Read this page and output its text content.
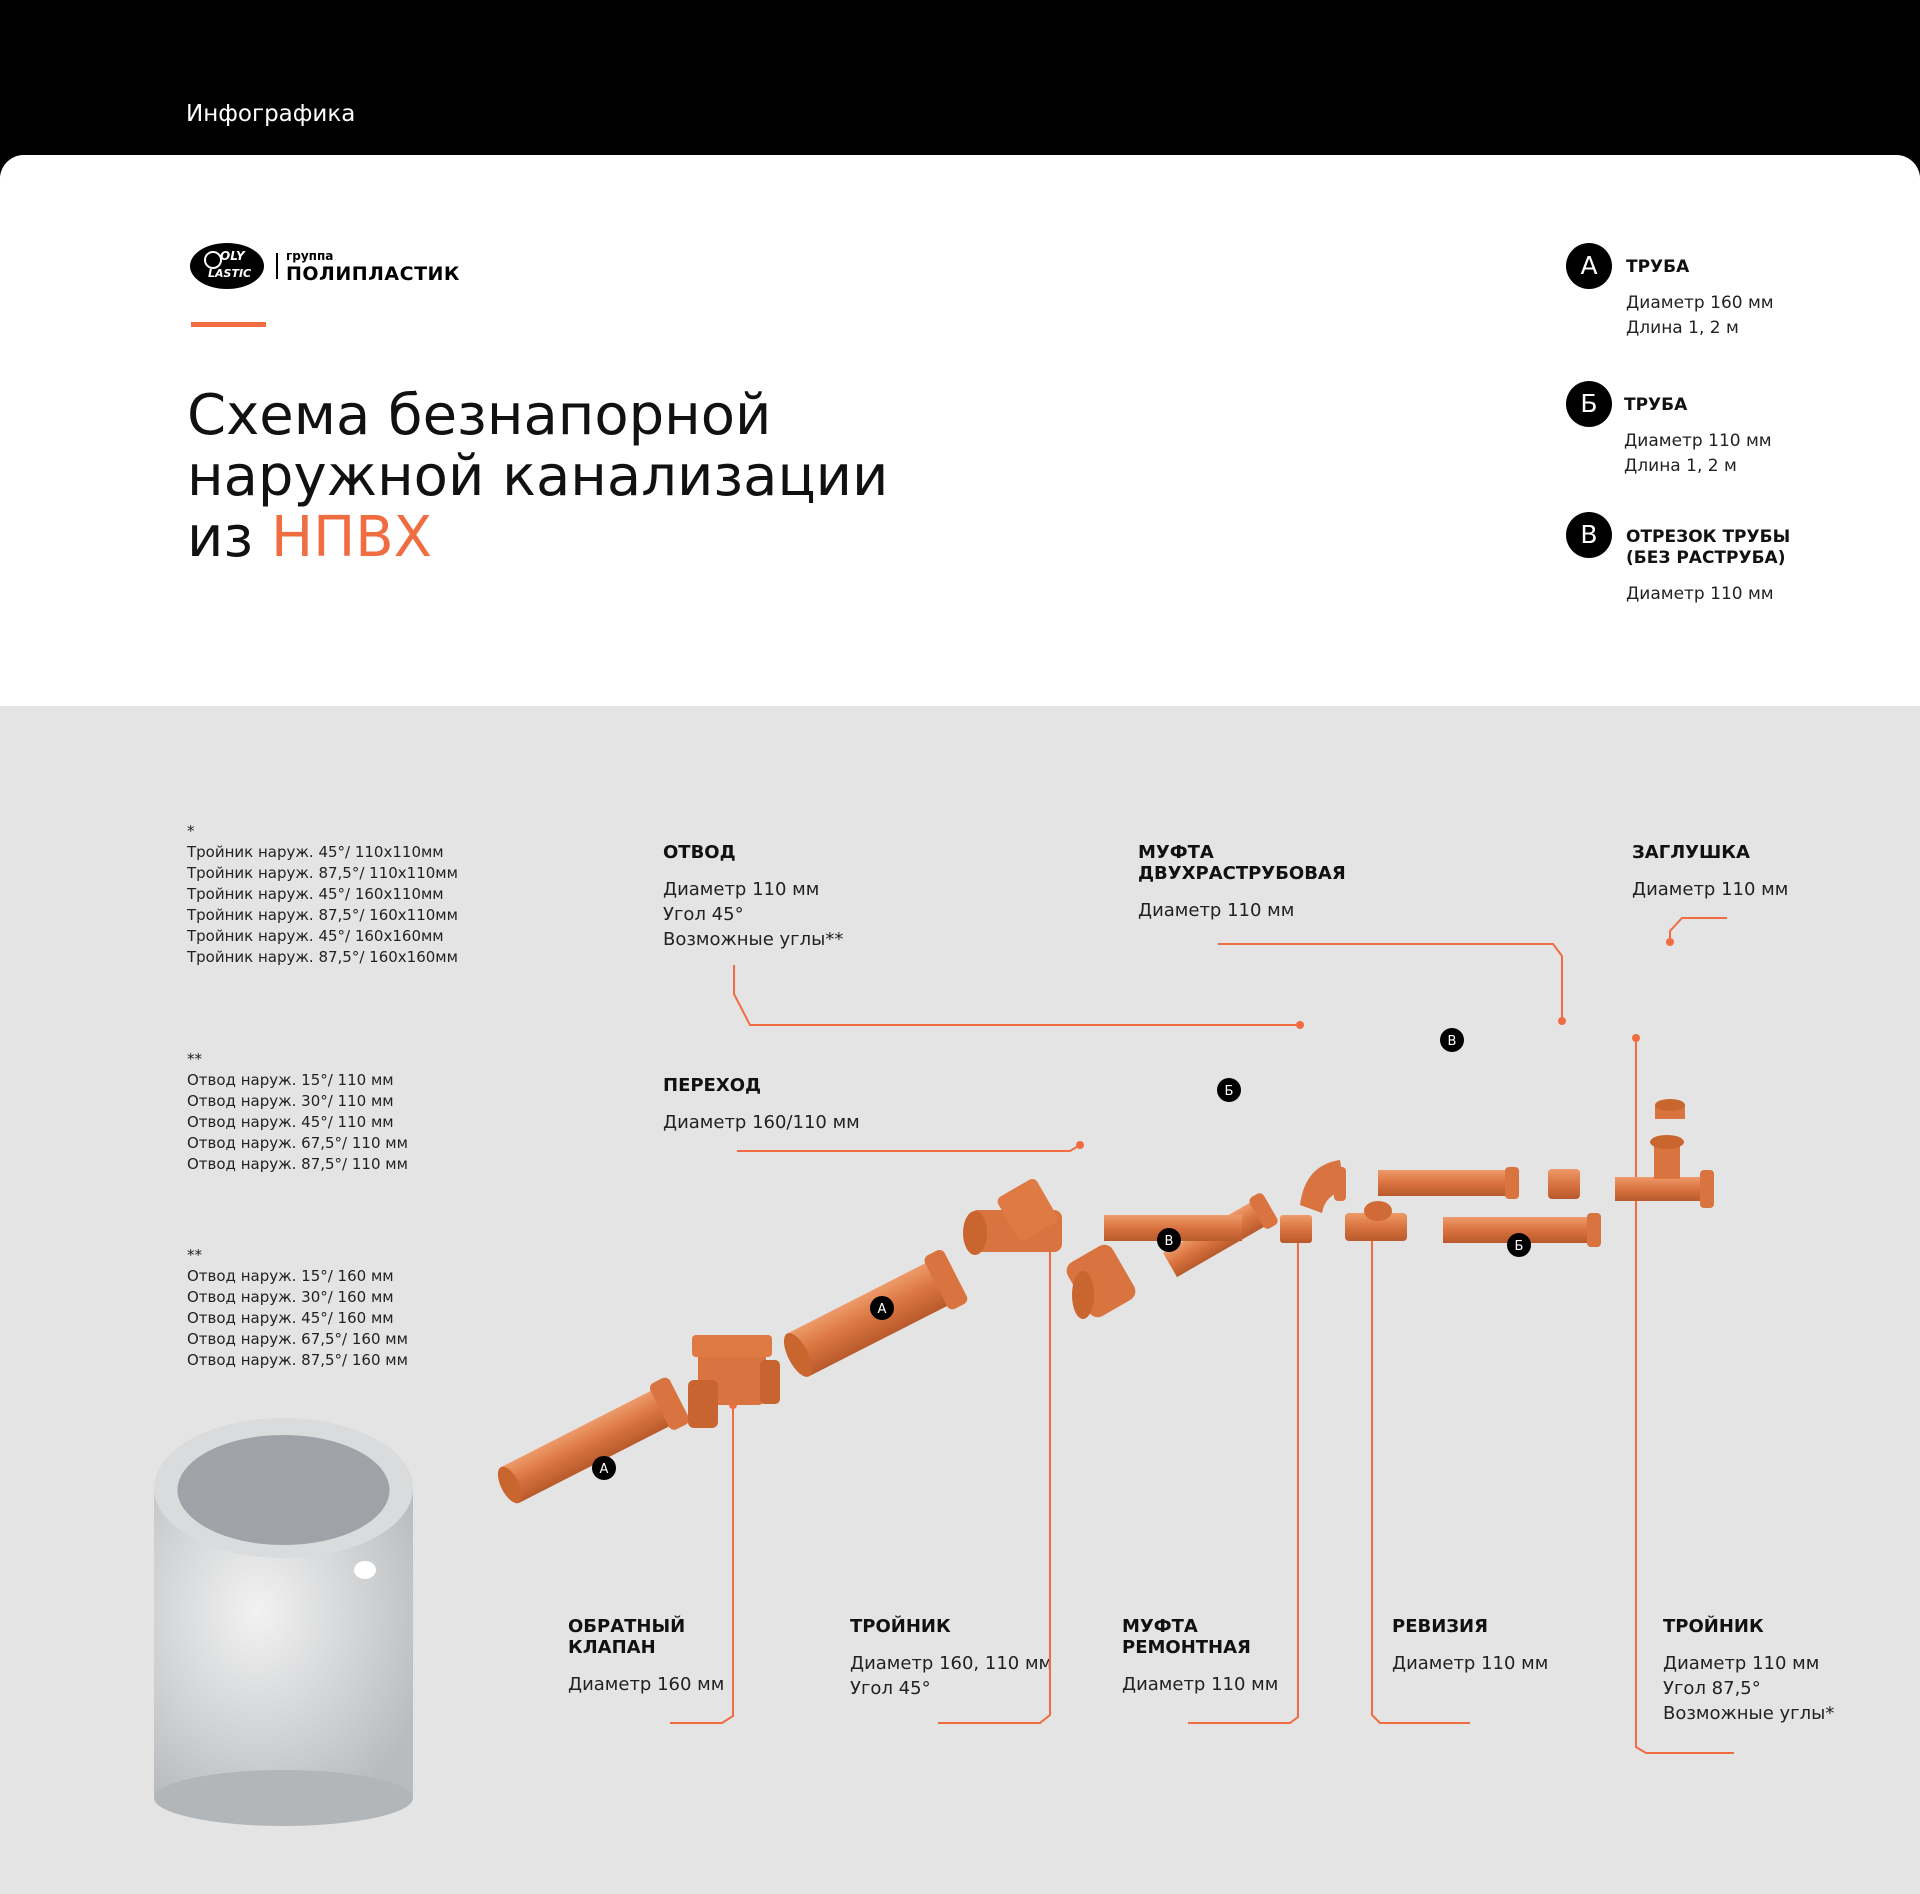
Инфографика
OLY
LASTIC
группа
ПОЛИПЛАСТИК
Схема безнапорной
наружной канализации
из НПВХ
А	ТРУБА
Диаметр 160 мм
Длина 1, 2 м
Б	ТРУБА
Диаметр 110 мм
Длина 1, 2 м
В	ОТРЕЗОК ТРУБЫ
(БЕЗ РАСТРУБА)
Диаметр 110 мм
*
Тройник наруж. 45°/ 110х110мм
Тройник наруж. 87,5°/ 110х110мм
Тройник наруж. 45°/ 160х110мм
Тройник наруж. 87,5°/ 160х110мм
Тройник наруж. 45°/ 160х160мм
Тройник наруж. 87,5°/ 160х160мм
**
Отвод наруж. 15°/ 110 мм
Отвод наруж. 30°/ 110 мм
Отвод наруж. 45°/ 110 мм
Отвод наруж. 67,5°/ 110 мм
Отвод наруж. 87,5°/ 110 мм
**
Отвод наруж. 15°/ 160 мм
Отвод наруж. 30°/ 160 мм
Отвод наруж. 45°/ 160 мм
Отвод наруж. 67,5°/ 160 мм
Отвод наруж. 87,5°/ 160 мм
ОТВОД
Диаметр 110 мм
Угол 45°
Возможные углы**
МУФТА
ДВУХРАСТРУБОВАЯ
Диаметр 110 мм
ЗАГЛУШКА
Диаметр 110 мм
ПЕРЕХОД
Диаметр 160/110 мм
ОБРАТНЫЙ
КЛАПАН
Диаметр 160 мм
ТРОЙНИК
Диаметр 160, 110 мм
Угол 45°
МУФТА
РЕМОНТНАЯ
Диаметр 110 мм
РЕВИЗИЯ
Диаметр 110 мм
ТРОЙНИК
Диаметр 110 мм
Угол 87,5°
Возможные углы*
А
А
Б
В
В	Б
